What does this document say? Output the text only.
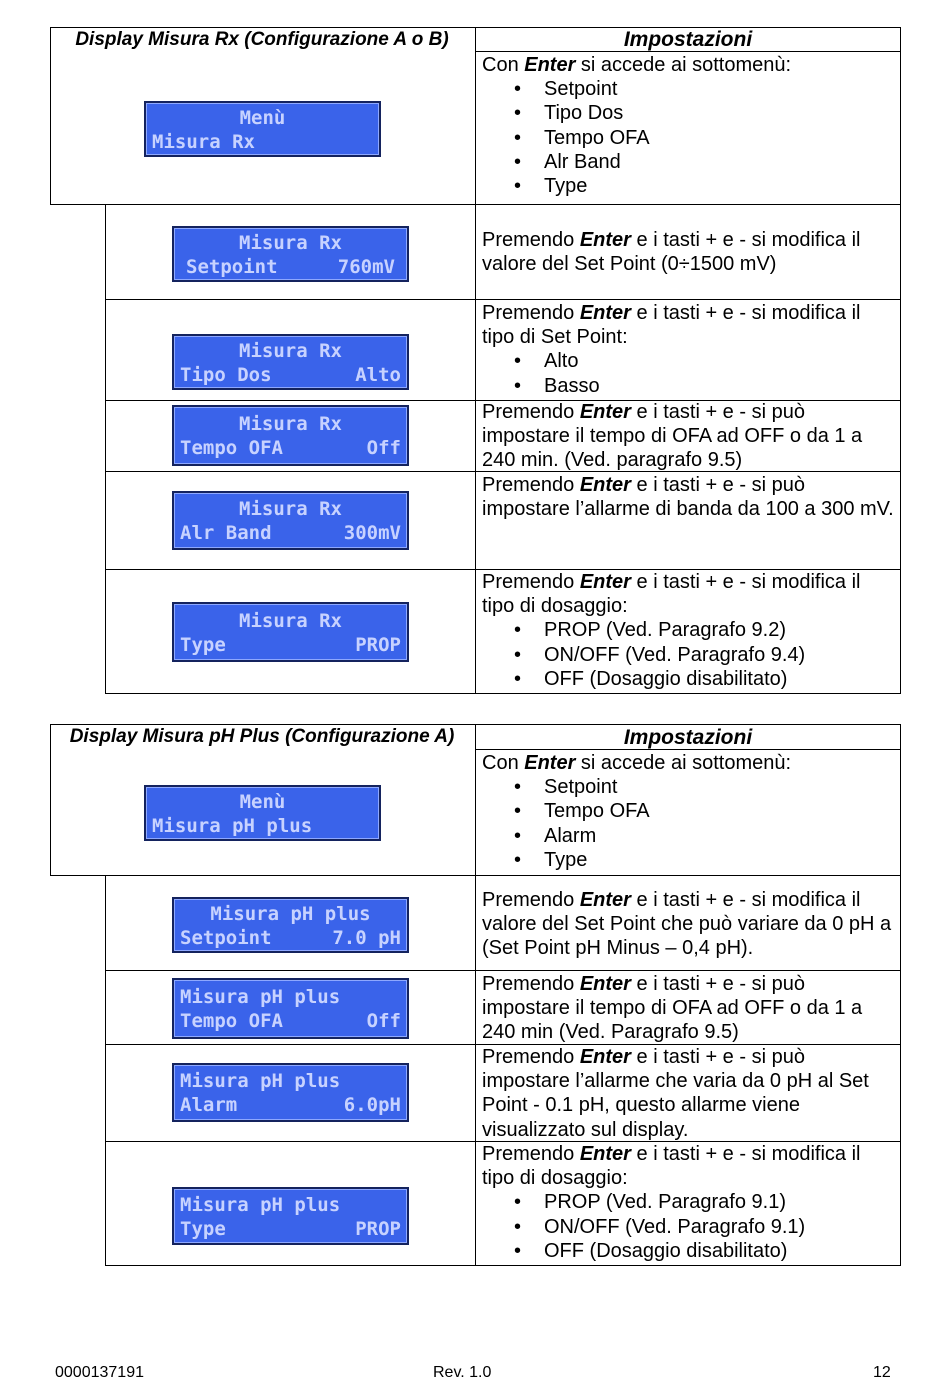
Display Misura Rx (Configurazione A o B)	Impostazioni
Menù
Misura Rx

Con Enter si accede ai sottomenù:

• Setpoint
• Tipo Dos
• Tempo OFA
• Alr Band
• Type
Misura Rx
Setpoint	760mV

Premendo Enter e i tasti + e - si modifica il valore del Set Point (0÷1500 mV)

Misura Rx
Tipo Dos	Alto

Premendo Enter e i tasti + e - si modifica il tipo di Set Point:

• Alto
• Basso
Misura Rx
Tempo OFA	Off

Premendo Enter e i tasti + e - si può impostare il tempo di OFA ad OFF o da 1 a 240 min. (Ved. paragrafo 9.5)

Misura Rx
Alr Band	300mV

Premendo Enter e i tasti + e - si può impostare l’allarme di banda da 100 a 300 mV.

Misura Rx
Type	PROP

Premendo Enter e i tasti + e - si modifica il tipo di dosaggio:

• PROP (Ved. Paragrafo 9.2)
• ON/OFF (Ved. Paragrafo 9.4)
• OFF (Dosaggio disabilitato)
Display Misura pH Plus (Configurazione A)	Impostazioni
Menù
Misura pH plus

Con Enter si accede ai sottomenù:

• Setpoint
• Tempo OFA
• Alarm
• Type
Misura pH plus
Setpoint	7.0 pH

Premendo Enter e i tasti + e - si modifica il valore del Set Point che può variare da 0 pH a (Set Point pH Minus – 0,4 pH).

Misura pH plus
Tempo OFA	Off

Premendo Enter e i tasti + e - si può impostare il tempo di OFA ad OFF o da 1 a 240 min (Ved. Paragrafo 9.5)

Misura pH plus
Alarm	6.0pH

Premendo Enter e i tasti + e - si può impostare l’allarme che varia da 0 pH al Set Point - 0.1 pH, questo allarme viene visualizzato sul display.

Misura pH plus
Type	PROP

Premendo Enter e i tasti + e - si modifica il tipo di dosaggio:

• PROP (Ved. Paragrafo 9.1)
• ON/OFF (Ved. Paragrafo 9.1)
• OFF (Dosaggio disabilitato)
0000137191	Rev. 1.0	12
